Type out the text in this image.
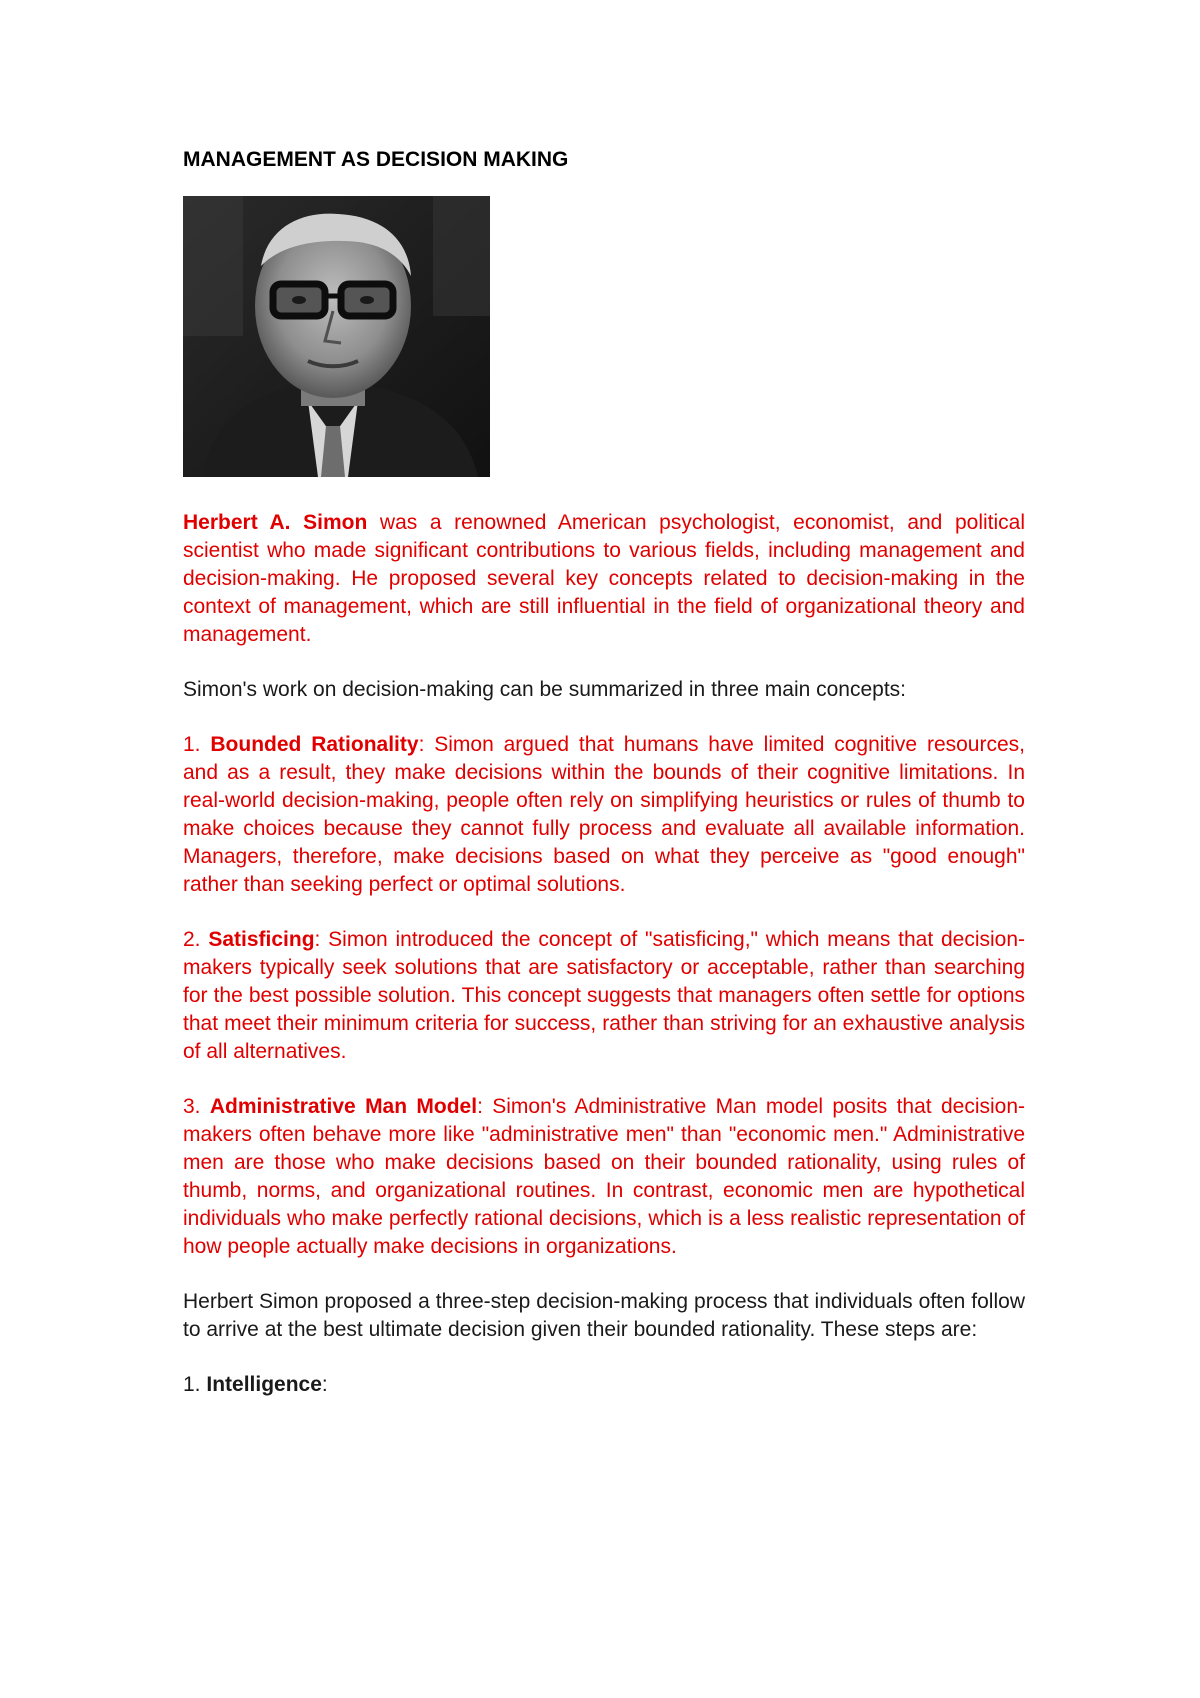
MANAGEMENT AS DECISION MAKING

Herbert A. Simon was a renowned American psychologist, economist, and political scientist who made significant contributions to various fields, including management and decision-making. He proposed several key concepts related to decision-making in the context of management, which are still influential in the field of organizational theory and management.

Simon's work on decision-making can be summarized in three main concepts:

1. Bounded Rationality: Simon argued that humans have limited cognitive resources, and as a result, they make decisions within the bounds of their cognitive limitations. In real-world decision-making, people often rely on simplifying heuristics or rules of thumb to make choices because they cannot fully process and evaluate all available information. Managers, therefore, make decisions based on what they perceive as "good enough" rather than seeking perfect or optimal solutions.

2. Satisficing: Simon introduced the concept of "satisficing," which means that decision-makers typically seek solutions that are satisfactory or acceptable, rather than searching for the best possible solution. This concept suggests that managers often settle for options that meet their minimum criteria for success, rather than striving for an exhaustive analysis of all alternatives.

3. Administrative Man Model: Simon's Administrative Man model posits that decision-makers often behave more like "administrative men" than "economic men." Administrative men are those who make decisions based on their bounded rationality, using rules of thumb, norms, and organizational routines. In contrast, economic men are hypothetical individuals who make perfectly rational decisions, which is a less realistic representation of how people actually make decisions in organizations.

Herbert Simon proposed a three-step decision-making process that individuals often follow to arrive at the best ultimate decision given their bounded rationality. These steps are:

1. Intelligence:
